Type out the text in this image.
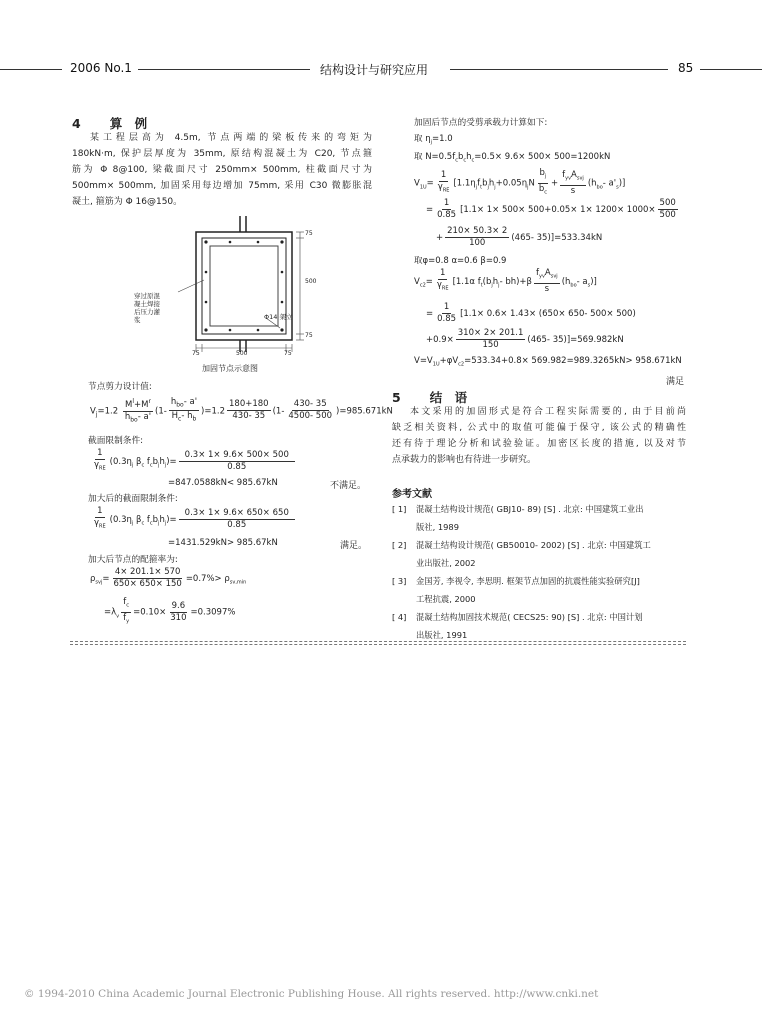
2006 No.1	结构设计与研究应用	85
4 算 例
某工程层高为 4.5m, 节点两端的梁板传来的弯矩为
180kN·m, 保护层厚度为 35mm, 原结构混凝土为 C20, 节点箍
筋为 Φ 8@100, 梁截面尺寸 250mm× 500mm, 柱截面尺寸为
500mm× 500mm, 加固采用每边增加 75mm, 采用 C30 微膨胀混
凝土, 箍筋为 Φ 16@150。
穿过原混
凝土焊接
后压力灌
浆	Φ14 架立
75
500
75
75	500	75
加固节点示意图
节点剪力设计值:
$V_j=1.2 \frac{M^l+M^r}{h_{bo}- a'} (1- \frac{h_{bo}- a'}{H_c- h_b} )=1.2 \frac{180+180}{430- 35} (1- \frac{430- 35}{4500- 500} )=985.671kN$
截面限制条件:
$\frac{1}{\gamma_{RE}} (0.3\eta_j$ $\beta_c$ $f_cb_jh_j)= \frac{0.3\times 1\times 9.6\times 500\times 500}{0.85}$
=847.0588kN< 985.67kN	不满足。
加大后的截面限制条件:
$\frac{1}{\gamma_{RE}} (0.3\eta_j$ $\beta_c$ $f_cb_jh_j)= \frac{0.3\times 1\times 9.6\times 650\times 650}{0.85}$
=1431.529kN> 985.67kN	满足。
加大后节点的配箍率为:
$\rho_{svj}= \frac{4\times 201.1\times 570}{650\times 650\times 150} =0.7\%> \rho_{sv,min}$
$=\lambda_v \frac{f_c}{f_y} =0.10\times \frac{9.6}{310} =0.3097\%$
加固后节点的受剪承载力计算如下:
取 $\eta_j=1.0$
取 $N=0.5f_cb_ch_c=0.5\times 9.6\times 500\times 500=1200kN$
$V_{1U}= \frac{1}{\gamma_{RE}} [1.1\eta_jf_tb_jh_j+0.05\eta_jN \frac{b_j}{b_c} + \frac{f_{yv}A_{svj}}{s} (h_{bo}-$ $a'_s$)]
= $\frac{1}{0.85} [1.1\times 1\times 500\times 500+0.05\times 1\times 1200\times 1000\times \frac{500}{500}$
+ $\frac{210\times 50.3\times 2}{100} (465-$ 35)]=533.34kN
取φ=0.8 α=0.6 β=0.9
$V_{c2}= \frac{1}{\gamma_{RE}} [1.1\alpha$ $f_t(b_jh_j-$ $bh)+\beta \frac{f_{yv}A_{svj}}{s} (h_{bo}-$ $a_s$)]
= $\frac{1}{0.85} [1.1\times 0.6\times 1.43\times (650\times 650-$ 500× 500)
$+0.9\times \frac{310\times 2\times 201.1}{150} (465-$ 35)]=569.982kN
$V=V_{1U}+\varphi V_{c2}=533.34+0.8\times 569.982=989.3265kN> 958.671kN$
满足
5 结 语
本文采用的加固形式是符合工程实际需要的, 由于目前尚
缺乏相关资料, 公式中的取值可能偏于保守, 该公式的精确性
还有待于理论分析和试验验证。加密区长度的措施, 以及对节
点承载力的影响也有待进一步研究。
参考文献
[ 1] 混凝土结构设计规范( GBJ10- 89) [S] . 北京: 中国建筑工业出
版社, 1989
[ 2] 混凝土结构设计规范( GB50010- 2002) [S] . 北京: 中国建筑工
业出版社, 2002
[ 3] 金国芳, 李视令, 李思明. 框架节点加固的抗震性能实验研究[J]
工程抗震, 2000
[ 4] 混凝土结构加固技术规范( CECS25: 90) [S] . 北京: 中国计划
出版社, 1991
© 1994-2010 China Academic Journal Electronic Publishing House. All rights reserved. http://www.cnki.net
